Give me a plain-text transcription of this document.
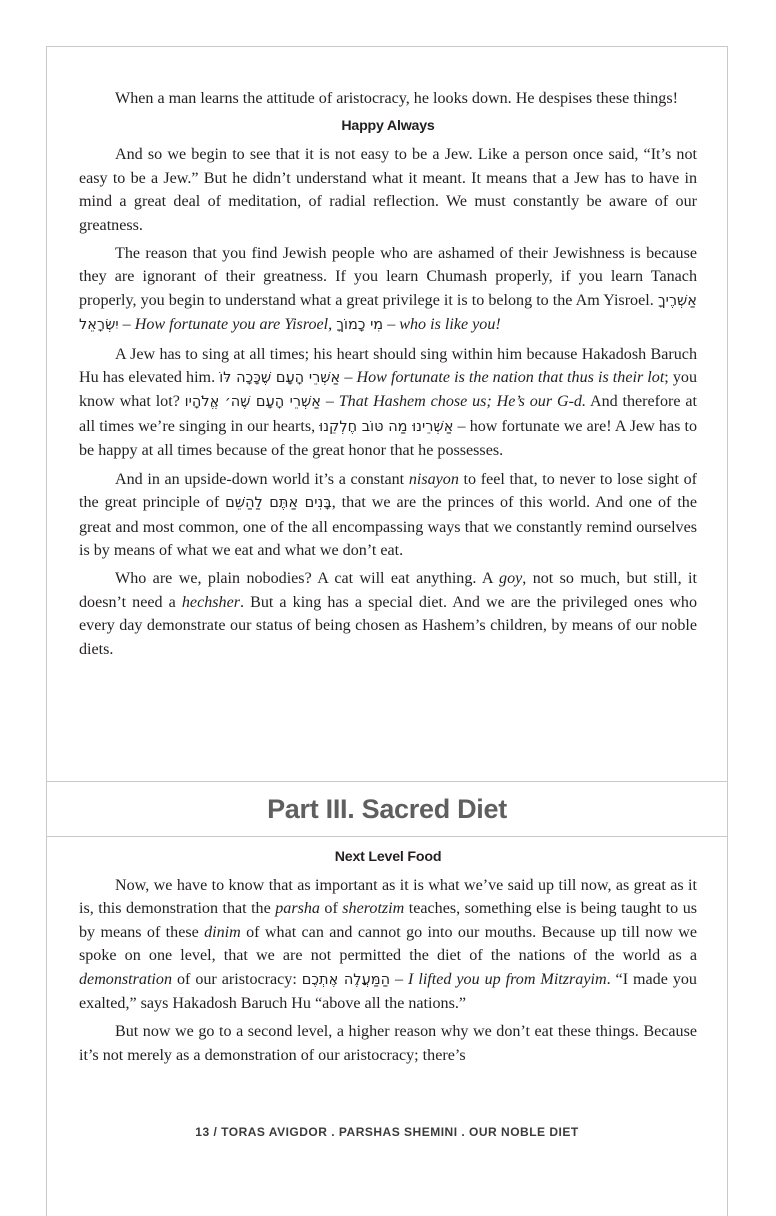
When a man learns the attitude of aristocracy, he looks down. He despises these things!

Happy Always

And so we begin to see that it is not easy to be a Jew. Like a person once said, “It’s not easy to be a Jew.” But he didn’t understand what it meant. It means that a Jew has to have in mind a great deal of meditation, of radial reflection. We must constantly be aware of our greatness.

The reason that you find Jewish people who are ashamed of their Jewishness is because they are ignorant of their greatness. If you learn Chumash properly, if you learn Tanach properly, you begin to understand what a great privilege it is to belong to the Am Yisroel. אַשְׁרֶיךָ יִשְׂרָאֵל – How fortunate you are Yisroel, מִי כָמוֹךָ – who is like you!

A Jew has to sing at all times; his heart should sing within him because Hakadosh Baruch Hu has elevated him. אַשְׁרֵי הָעָם שֶׁכָּכָה לּוֹ – How fortunate is the nation that thus is their lot; you know what lot? אַשְׁרֵי הָעָם שֶׁה׳ אֱלֹהָיו – That Hashem chose us; He’s our G-d. And therefore at all times we’re singing in our hearts, אַשְׁרֵינוּ מַה טּוֹב חֶלְקֵנוּ – how fortunate we are! A Jew has to be happy at all times because of the great honor that he possesses.

And in an upside-down world it’s a constant nisayon to feel that, to never to lose sight of the great principle of בָּנִים אַתֶּם לַהַשֵּׁם, that we are the princes of this world. And one of the great and most common, one of the all encompassing ways that we constantly remind ourselves is by means of what we eat and what we don’t eat.

Who are we, plain nobodies? A cat will eat anything. A goy, not so much, but still, it doesn’t need a hechsher. But a king has a special diet. And we are the privileged ones who every day demonstrate our status of being chosen as Hashem’s children, by means of our noble diets.

Part III. Sacred Diet
Next Level Food

Now, we have to know that as important as it is what we’ve said up till now, as great as it is, this demonstration that the parsha of sherotzim teaches, something else is being taught to us by means of these dinim of what can and cannot go into our mouths. Because up till now we spoke on one level, that we are not permitted the diet of the nations of the world as a demonstration of our aristocracy: הַמַּעֲלֶה אֶתְכֶם – I lifted you up from Mitzrayim. “I made you exalted,” says Hakadosh Baruch Hu “above all the nations.”

But now we go to a second level, a higher reason why we don’t eat these things. Because it’s not merely as a demonstration of our aristocracy; there’s

13 / TORAS AVIGDOR . PARSHAS SHEMINI . OUR NOBLE DIET
